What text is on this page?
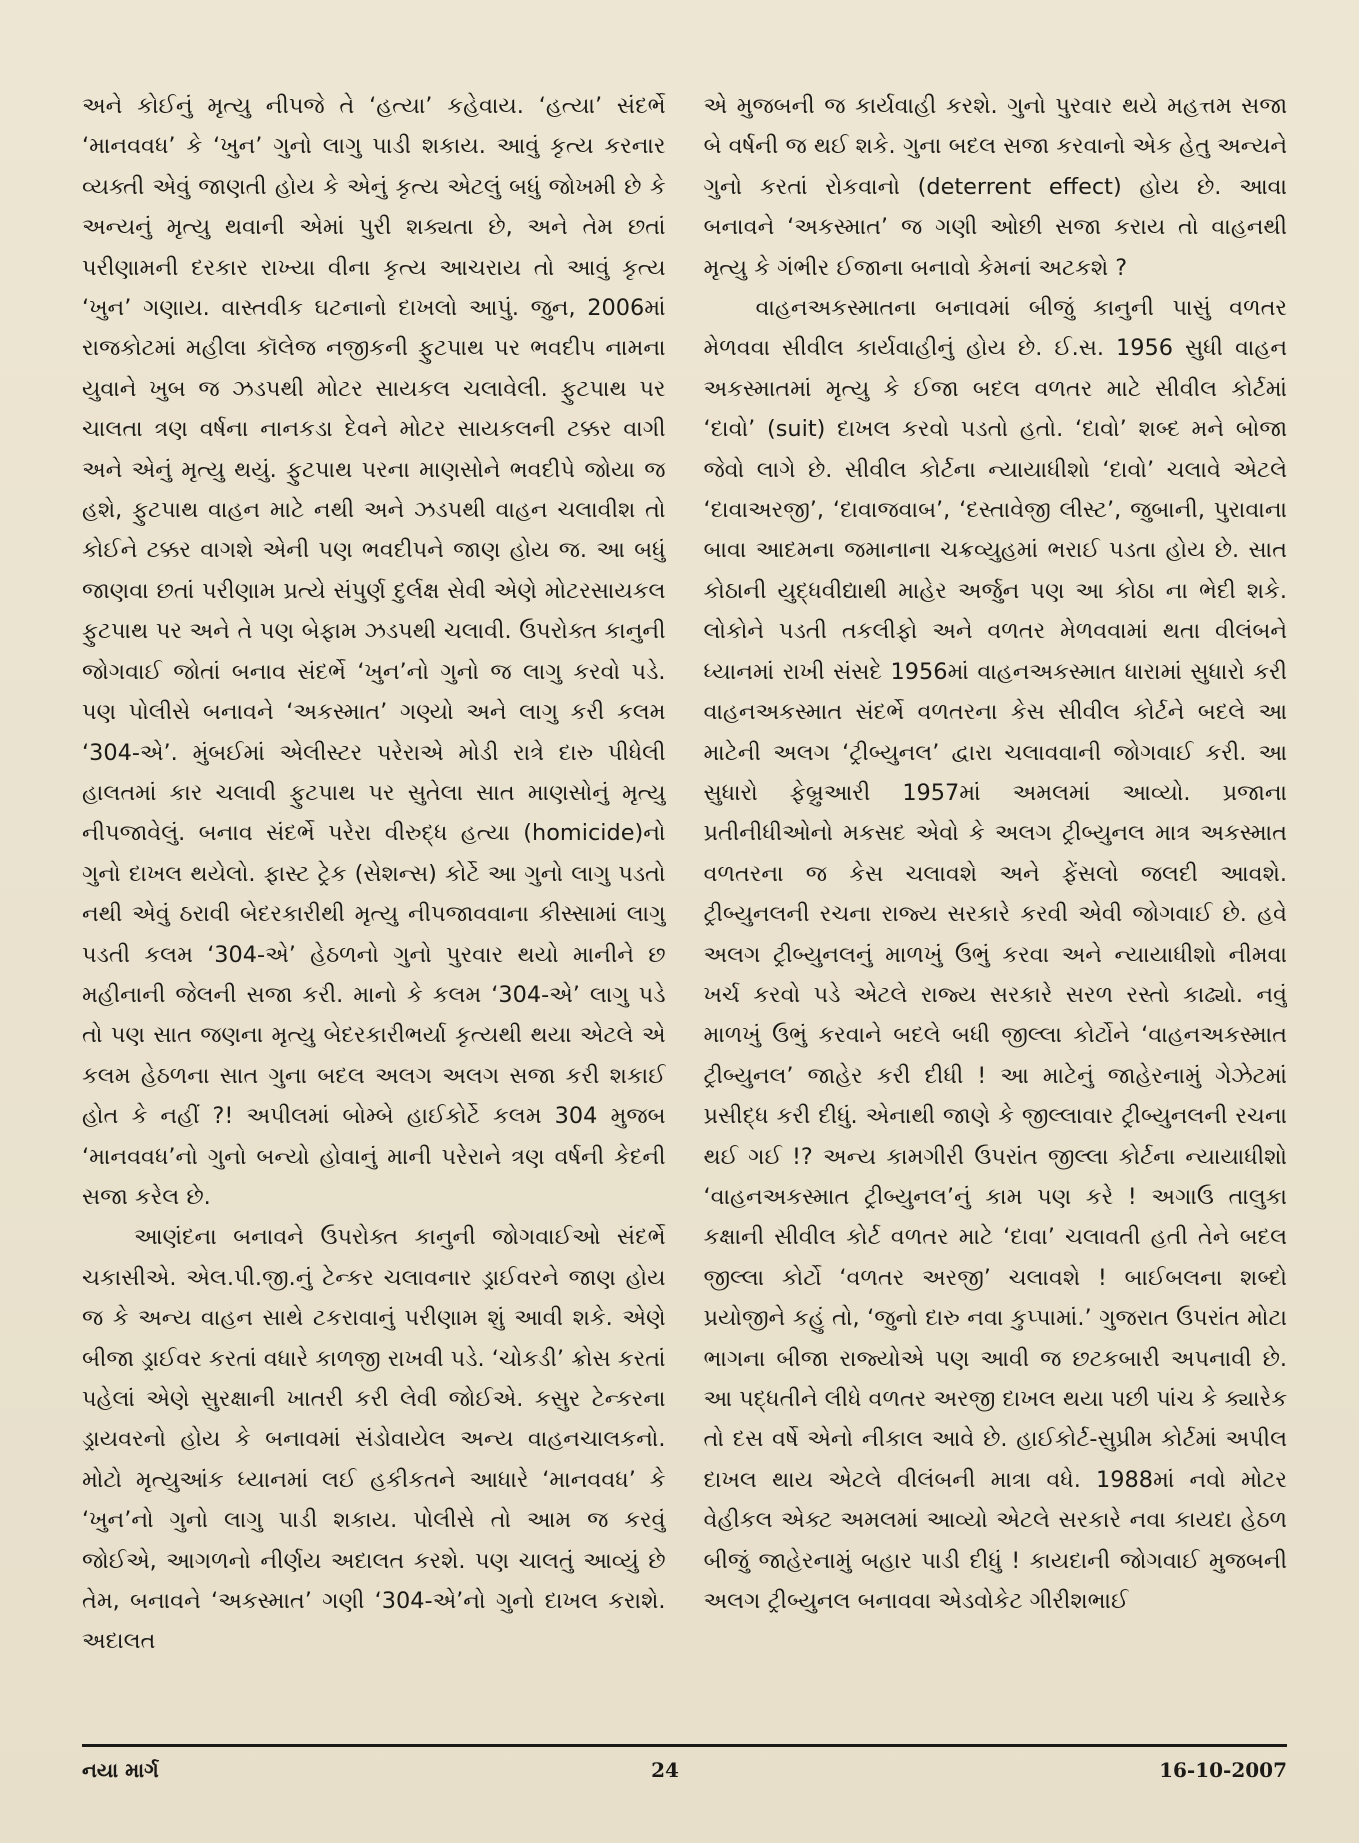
અને કોઈનું મૃત્યુ નીપજે તે ‘હત્યા’ કહેવાય. ‘હત્યા’ સંદર્ભે ‘માનવવધ’ કે ‘ખુન’ ગુનો લાગુ પાડી શકાય. આવું કૃત્ય કરનાર વ્યક્તી એવું જાણતી હોય કે એનું કૃત્ય એટલું બધું જોખમી છે કે અન્યનું મૃત્યુ થવાની એમાં પુરી શક્યતા છે, અને તેમ છતાં પરીણામની દરકાર રાખ્યા વીના કૃત્ય આચરાય તો આવું કૃત્ય ‘ખુન’ ગણાય. વાસ્તવીક ઘટનાનો દાખલો આપું. જુન, 2006માં રાજકોટમાં મહીલા કૉલેજ નજીકની ફુટપાથ પર ભવદીપ નામના યુવાને ખુબ જ ઝડપથી મોટર સાયકલ ચલાવેલી. ફુટપાથ પર ચાલતા ત્રણ વર્ષના નાનકડા દેવને મોટર સાયકલની ટક્કર વાગી અને એનું મૃત્યુ થયું. ફુટપાથ પરના માણસોને ભવદીપે જોયા જ હશે, ફુટપાથ વાહન માટે નથી અને ઝડપથી વાહન ચલાવીશ તો કોઈને ટક્કર વાગશે એની પણ ભવદીપને જાણ હોય જ. આ બધું જાણવા છતાં પરીણામ પ્રત્યે સંપુર્ણ દુર્લક્ષ સેવી એણે મોટરસાયકલ ફુટપાથ પર અને તે પણ બેફામ ઝડપથી ચલાવી. ઉપરોક્ત કાનુની જોગવાઈ જોતાં બનાવ સંદર્ભે ‘ખુન’નો ગુનો જ લાગુ કરવો પડે. પણ પોલીસે બનાવને ‘અકસ્માત’ ગણ્યો અને લાગુ કરી કલમ ‘304-એ’. મુંબઈમાં એલીસ્ટર પરેરાએ મોડી રાત્રે દારુ પીધેલી હાલતમાં કાર ચલાવી ફુટપાથ પર સુતેલા સાત માણસોનું મૃત્યુ નીપજાવેલું. બનાવ સંદર્ભે પરેરા વીરુદ્ધ હત્યા (homicide)નો ગુનો દાખલ થયેલો. ફાસ્ટ ટ્રેક (સેશન્સ) કોર્ટે આ ગુનો લાગુ પડતો નથી એવું ઠરાવી બેદરકારીથી મૃત્યુ નીપજાવવાના કીસ્સામાં લાગુ પડતી કલમ ‘304-એ’ હેઠળનો ગુનો પુરવાર થયો માનીને છ મહીનાની જેલની સજા કરી. માનો કે કલમ ‘304-એ’ લાગુ પડે તો પણ સાત જણના મૃત્યુ બેદરકારીભર્યા કૃત્યથી થયા એટલે એ કલમ હેઠળના સાત ગુના બદલ અલગ અલગ સજા કરી શકાઈ હોત કે નહીં ?! અપીલમાં બોમ્બે હાઈકોર્ટે કલમ 304 મુજબ ‘માનવવધ’નો ગુનો બન્યો હોવાનું માની પરેરાને ત્રણ વર્ષની કેદની સજા કરેલ છે.

આણંદના બનાવને ઉપરોક્ત કાનુની જોગવાઈઓ સંદર્ભે ચકાસીએ. એલ.પી.જી.નું ટેન્કર ચલાવનાર ડ્રાઈવરને જાણ હોય જ કે અન્ય વાહન સાથે ટકરાવાનું પરીણામ શું આવી શકે. એણે બીજા ડ્રાઈવર કરતાં વધારે કાળજી રાખવી પડે. ‘ચોકડી’ ક્રોસ કરતાં પહેલાં એણે સુરક્ષાની ખાતરી કરી લેવી જોઈએ. કસુર ટેન્કરના ડ્રાયવરનો હોય કે બનાવમાં સંડોવાયેલ અન્ય વાહનચાલકનો. મોટો મૃત્યુઆંક ધ્યાનમાં લઈ હકીકતને આધારે ‘માનવવધ’ કે ‘ખુન’નો ગુનો લાગુ પાડી શકાય. પોલીસે તો આમ જ કરવું જોઈએ, આગળનો નીર્ણય અદાલત કરશે. પણ ચાલતું આવ્યું છે તેમ, બનાવને ‘અકસ્માત’ ગણી ‘304-એ’નો ગુનો દાખલ કરાશે. અદાલત

એ મુજબની જ કાર્યવાહી કરશે. ગુનો પુરવાર થયે મહત્તમ સજા બે વર્ષની જ થઈ શકે. ગુના બદલ સજા કરવાનો એક હેતુ અન્યને ગુનો કરતાં રોકવાનો (deterrent effect) હોય છે. આવા બનાવને ‘અકસ્માત’ જ ગણી ઓછી સજા કરાય તો વાહનથી મૃત્યુ કે ગંભીર ઈજાના બનાવો કેમનાં અટકશે ?

વાહનઅકસ્માતના બનાવમાં બીજું કાનુની પાસું વળતર મેળવવા સીવીલ કાર્યવાહીનું હોય છે. ઈ.સ. 1956 સુધી વાહન અકસ્માતમાં મૃત્યુ કે ઈજા બદલ વળતર માટે સીવીલ કોર્ટમાં ‘દાવો’ (suit) દાખલ કરવો પડતો હતો. ‘દાવો’ શબ્દ મને બોજા જેવો લાગે છે. સીવીલ કોર્ટના ન્યાયાધીશો ‘દાવો’ ચલાવે એટલે ‘દાવાઅરજી’, ‘દાવાજવાબ’, ‘દસ્તાવેજી લીસ્ટ’, જુબાની, પુરાવાના બાવા આદમના જમાનાના ચક્રવ્યુહમાં ભરાઈ પડતા હોય છે. સાત કોઠાની યુદ્ધવીદ્યાથી માહેર અર્જુન પણ આ કોઠા ના ભેદી શકે. લોકોને પડતી તકલીફો અને વળતર મેળવવામાં થતા વીલંબને ધ્યાનમાં રાખી સંસદે 1956માં વાહનઅકસ્માત ધારામાં સુધારો કરી વાહનઅકસ્માત સંદર્ભે વળતરના કેસ સીવીલ કોર્ટને બદલે આ માટેની અલગ ‘ટ્રીબ્યુનલ’ દ્વારા ચલાવવાની જોગવાઈ કરી. આ સુધારો ફેબ્રુઆરી 1957માં અમલમાં આવ્યો. પ્રજાના પ્રતીનીધીઓનો મકસદ એવો કે અલગ ટ્રીબ્યુનલ માત્ર અકસ્માત વળતરના જ કેસ ચલાવશે અને ફેંસલો જલદી આવશે. ટ્રીબ્યુનલની રચના રાજ્ય સરકારે કરવી એવી જોગવાઈ છે. હવે અલગ ટ્રીબ્યુનલનું માળખું ઉભું કરવા અને ન્યાયાધીશો નીમવા ખર્ચ કરવો પડે એટલે રાજ્ય સરકારે સરળ રસ્તો કાઢ્યો. નવું માળખું ઉભું કરવાને બદલે બધી જીલ્લા કોર્ટોને ‘વાહનઅકસ્માત ટ્રીબ્યુનલ’ જાહેર કરી દીધી ! આ માટેનું જાહેરનામું ગેઝેટમાં પ્રસીદ્ધ કરી દીધું. એનાથી જાણે કે જીલ્લાવાર ટ્રીબ્યુનલની રચના થઈ ગઈ !? અન્ય કામગીરી ઉપરાંત જીલ્લા કોર્ટના ન્યાયાધીશો ‘વાહનઅકસ્માત ટ્રીબ્યુનલ’નું કામ પણ કરે ! અગાઉ તાલુકા કક્ષાની સીવીલ કોર્ટ વળતર માટે ‘દાવા’ ચલાવતી હતી તેને બદલ જીલ્લા કોર્ટો ‘વળતર અરજી’ ચલાવશે ! બાઈબલના શબ્દો પ્રયોજીને કહું તો, ‘જુનો દારુ નવા કુપ્પામાં.’ ગુજરાત ઉપરાંત મોટા ભાગના બીજા રાજ્યોએ પણ આવી જ છટકબારી અપનાવી છે. આ પદ્ધતીને લીધે વળતર અરજી દાખલ થયા પછી પાંચ કે ક્યારેક તો દસ વર્ષે એનો નીકાલ આવે છે. હાઈકોર્ટ-સુપ્રીમ કોર્ટમાં અપીલ દાખલ થાય એટલે વીલંબની માત્રા વધે. 1988માં નવો મોટર વેહીકલ એક્ટ અમલમાં આવ્યો એટલે સરકારે નવા કાયદા હેઠળ બીજું જાહેરનામું બહાર પાડી દીધું ! કાયદાની જોગવાઈ મુજબની અલગ ટ્રીબ્યુનલ બનાવવા એડવોકેટ ગીરીશભાઈ

નયા માર્ગ	24	16-10-2007
